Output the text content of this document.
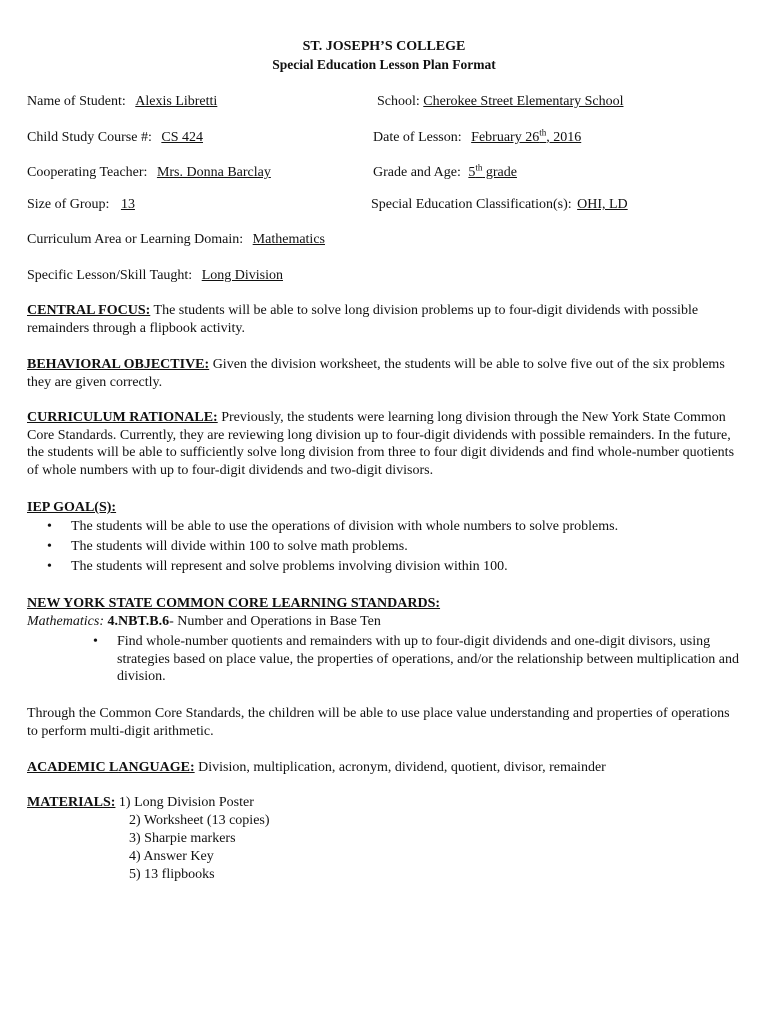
ST. JOSEPH’S COLLEGE
Special Education Lesson Plan Format
Name of Student: Alexis Libretti	School: Cherokee Street Elementary School
Child Study Course #: CS 424	Date of Lesson: February 26th, 2016
Cooperating Teacher: Mrs. Donna Barclay	Grade and Age: 5th grade
Size of Group: 13	Special Education Classification(s): OHI, LD
Curriculum Area or Learning Domain: Mathematics
Specific Lesson/Skill Taught: Long Division
CENTRAL FOCUS: The students will be able to solve long division problems up to four-digit dividends with possible remainders through a flipbook activity.
BEHAVIORAL OBJECTIVE: Given the division worksheet, the students will be able to solve five out of the six problems they are given correctly.
CURRICULUM RATIONALE: Previously, the students were learning long division through the New York State Common Core Standards. Currently, they are reviewing long division up to four-digit dividends with possible remainders. In the future, the students will be able to sufficiently solve long division from three to four digit dividends and find whole-number quotients of whole numbers with up to four-digit dividends and two-digit divisors.
IEP GOAL(S):
• The students will be able to use the operations of division with whole numbers to solve problems.
• The students will divide within 100 to solve math problems.
• The students will represent and solve problems involving division within 100.
NEW YORK STATE COMMON CORE LEARNING STANDARDS:
Mathematics: 4.NBT.B.6- Number and Operations in Base Ten
• Find whole-number quotients and remainders with up to four-digit dividends and one-digit divisors, using strategies based on place value, the properties of operations, and/or the relationship between multiplication and division.
Through the Common Core Standards, the children will be able to use place value understanding and properties of operations to perform multi-digit arithmetic.
ACADEMIC LANGUAGE: Division, multiplication, acronym, dividend, quotient, divisor, remainder
MATERIALS: 1) Long Division Poster
2) Worksheet (13 copies)
3) Sharpie markers
4) Answer Key
5) 13 flipbooks
